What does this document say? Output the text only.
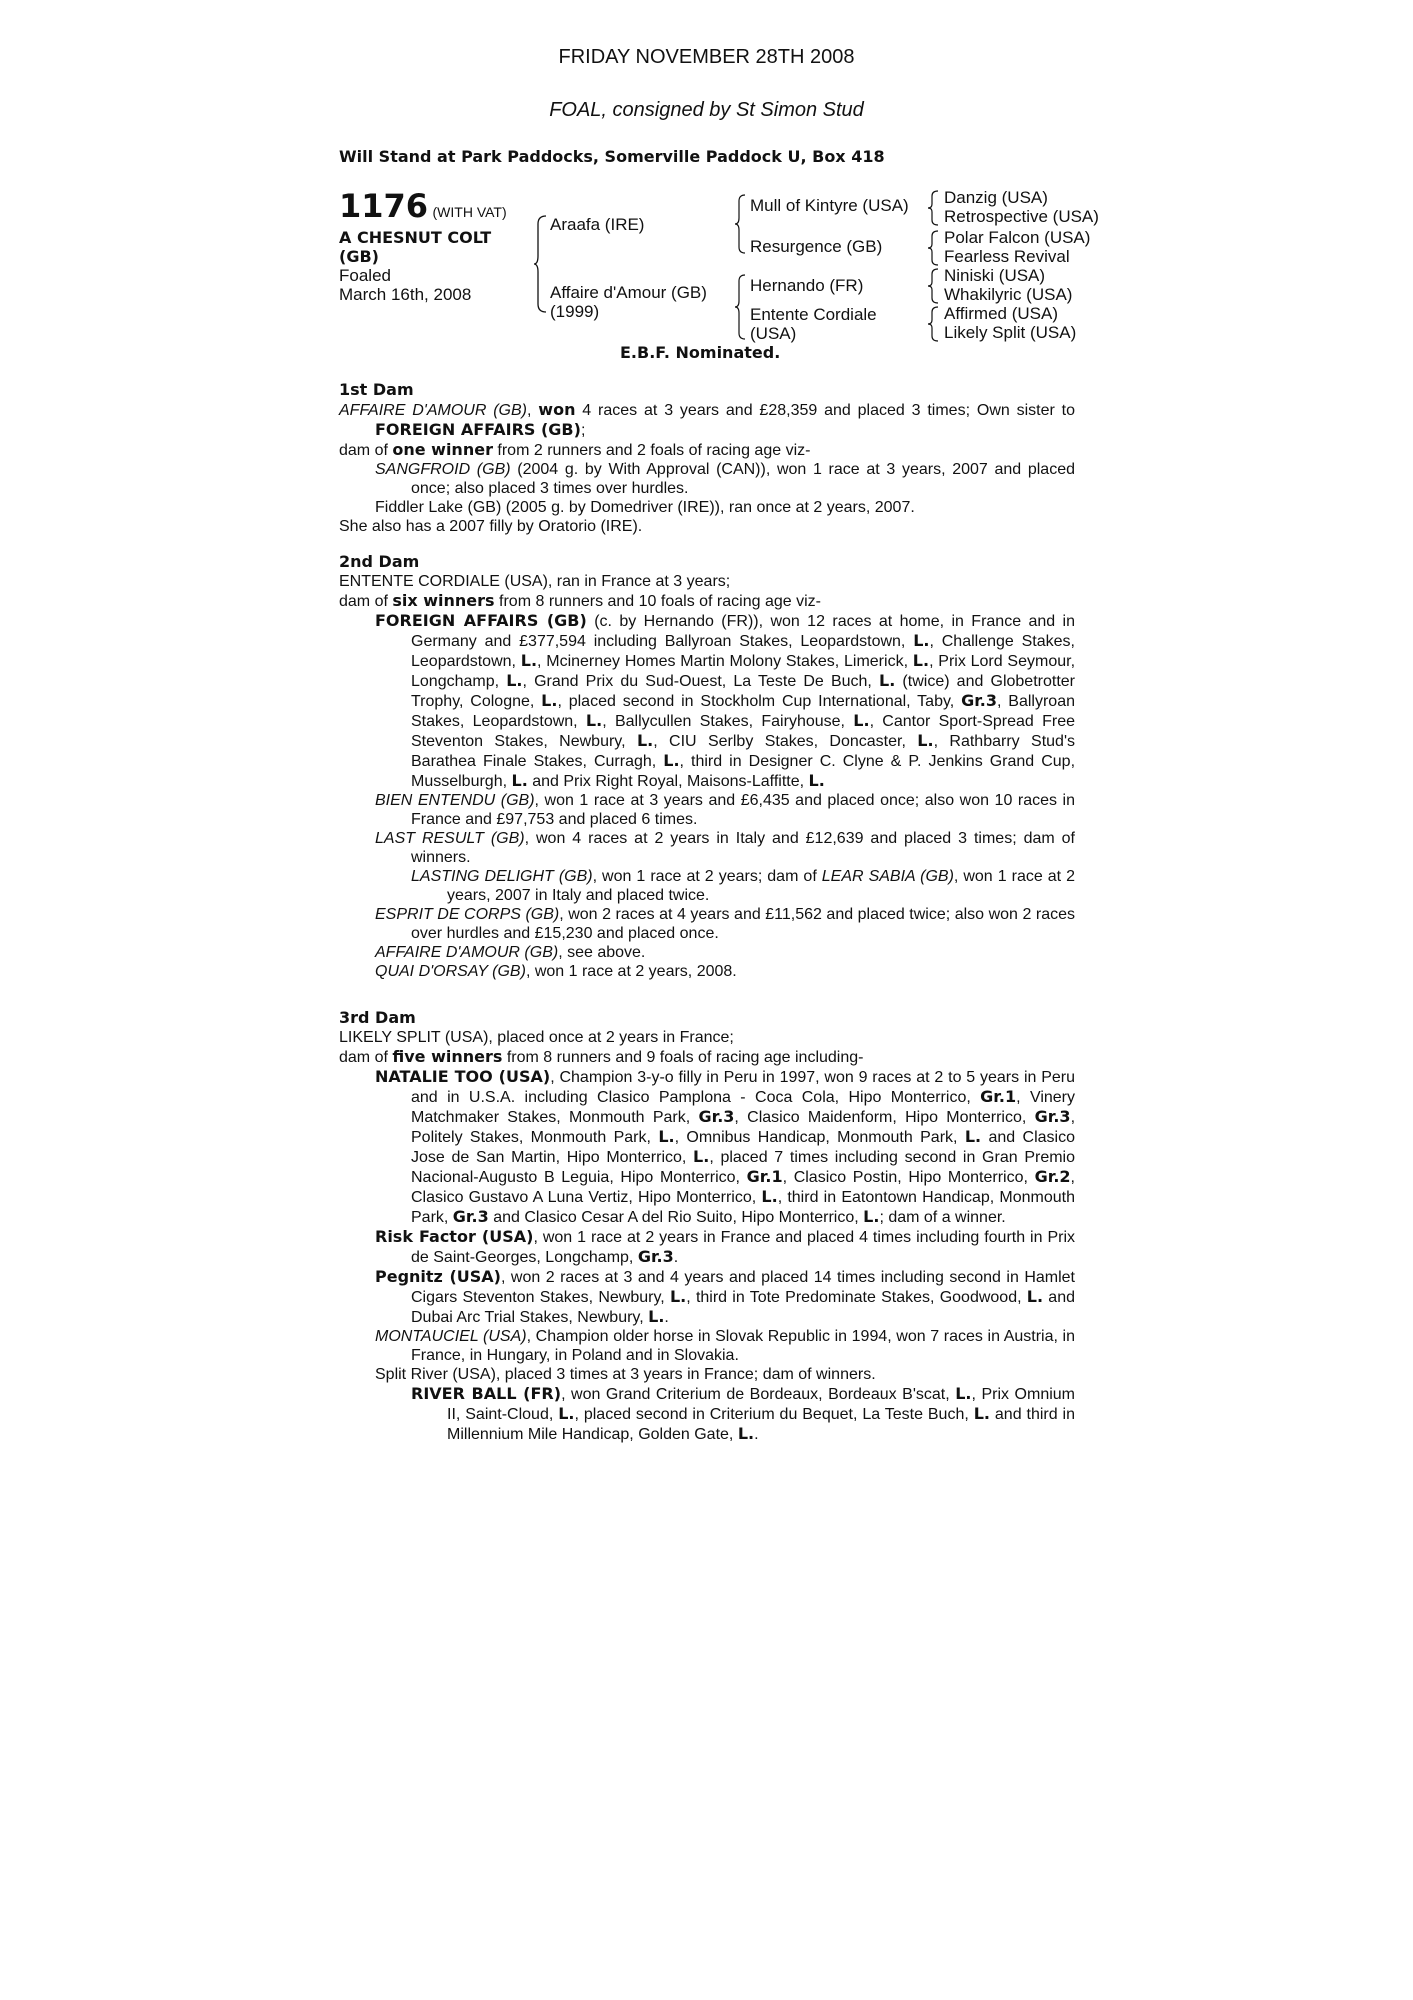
FRIDAY NOVEMBER 28TH 2008
FOAL, consigned by St Simon Stud
Will Stand at Park Paddocks, Somerville Paddock U, Box 418
1176 (WITH VAT)
A CHESNUT COLT
(GB)
Foaled
March 16th, 2008
Araafa (IRE)
Affaire d'Amour (GB)
(1999)
Mull of Kintyre (USA)
Resurgence (GB)
Hernando (FR)
Entente Cordiale
(USA)
Danzig (USA)
Retrospective (USA)
Polar Falcon (USA)
Fearless Revival
Niniski (USA)
Whakilyric (USA)
Affirmed (USA)
Likely Split (USA)
E.B.F. Nominated.
1st Dam

AFFAIRE D'AMOUR (GB), won 4 races at 3 years and £28,359 and placed 3 times; Own sister to FOREIGN AFFAIRS (GB);

dam of one winner from 2 runners and 2 foals of racing age viz-

SANGFROID (GB) (2004 g. by With Approval (CAN)), won 1 race at 3 years, 2007 and placed once; also placed 3 times over hurdles.

Fiddler Lake (GB) (2005 g. by Domedriver (IRE)), ran once at 2 years, 2007.

She also has a 2007 filly by Oratorio (IRE).

2nd Dam

ENTENTE CORDIALE (USA), ran in France at 3 years;

dam of six winners from 8 runners and 10 foals of racing age viz-

FOREIGN AFFAIRS (GB) (c. by Hernando (FR)), won 12 races at home, in France and in Germany and £377,594 including Ballyroan Stakes, Leopardstown, L., Challenge Stakes, Leopardstown, L., Mcinerney Homes Martin Molony Stakes, Limerick, L., Prix Lord Seymour, Longchamp, L., Grand Prix du Sud-Ouest, La Teste De Buch, L. (twice) and Globetrotter Trophy, Cologne, L., placed second in Stockholm Cup International, Taby, Gr.3, Ballyroan Stakes, Leopardstown, L., Ballycullen Stakes, Fairyhouse, L., Cantor Sport-Spread Free Steventon Stakes, Newbury, L., CIU Serlby Stakes, Doncaster, L., Rathbarry Stud's Barathea Finale Stakes, Curragh, L., third in Designer C. Clyne & P. Jenkins Grand Cup, Musselburgh, L. and Prix Right Royal, Maisons-Laffitte, L.

BIEN ENTENDU (GB), won 1 race at 3 years and £6,435 and placed once; also won 10 races in France and £97,753 and placed 6 times.

LAST RESULT (GB), won 4 races at 2 years in Italy and £12,639 and placed 3 times; dam of winners.

LASTING DELIGHT (GB), won 1 race at 2 years; dam of LEAR SABIA (GB), won 1 race at 2 years, 2007 in Italy and placed twice.

ESPRIT DE CORPS (GB), won 2 races at 4 years and £11,562 and placed twice; also won 2 races over hurdles and £15,230 and placed once.

AFFAIRE D'AMOUR (GB), see above.

QUAI D'ORSAY (GB), won 1 race at 2 years, 2008.

3rd Dam

LIKELY SPLIT (USA), placed once at 2 years in France;

dam of five winners from 8 runners and 9 foals of racing age including-

NATALIE TOO (USA), Champion 3-y-o filly in Peru in 1997, won 9 races at 2 to 5 years in Peru and in U.S.A. including Clasico Pamplona - Coca Cola, Hipo Monterrico, Gr.1, Vinery Matchmaker Stakes, Monmouth Park, Gr.3, Clasico Maidenform, Hipo Monterrico, Gr.3, Politely Stakes, Monmouth Park, L., Omnibus Handicap, Monmouth Park, L. and Clasico Jose de San Martin, Hipo Monterrico, L., placed 7 times including second in Gran Premio Nacional-Augusto B Leguia, Hipo Monterrico, Gr.1, Clasico Postin, Hipo Monterrico, Gr.2, Clasico Gustavo A Luna Vertiz, Hipo Monterrico, L., third in Eatontown Handicap, Monmouth Park, Gr.3 and Clasico Cesar A del Rio Suito, Hipo Monterrico, L.; dam of a winner.

Risk Factor (USA), won 1 race at 2 years in France and placed 4 times including fourth in Prix de Saint-Georges, Longchamp, Gr.3.

Pegnitz (USA), won 2 races at 3 and 4 years and placed 14 times including second in Hamlet Cigars Steventon Stakes, Newbury, L., third in Tote Predominate Stakes, Goodwood, L. and Dubai Arc Trial Stakes, Newbury, L..

MONTAUCIEL (USA), Champion older horse in Slovak Republic in 1994, won 7 races in Austria, in France, in Hungary, in Poland and in Slovakia.

Split River (USA), placed 3 times at 3 years in France; dam of winners.

RIVER BALL (FR), won Grand Criterium de Bordeaux, Bordeaux B'scat, L., Prix Omnium II, Saint-Cloud, L., placed second in Criterium du Bequet, La Teste Buch, L. and third in Millennium Mile Handicap, Golden Gate, L..
